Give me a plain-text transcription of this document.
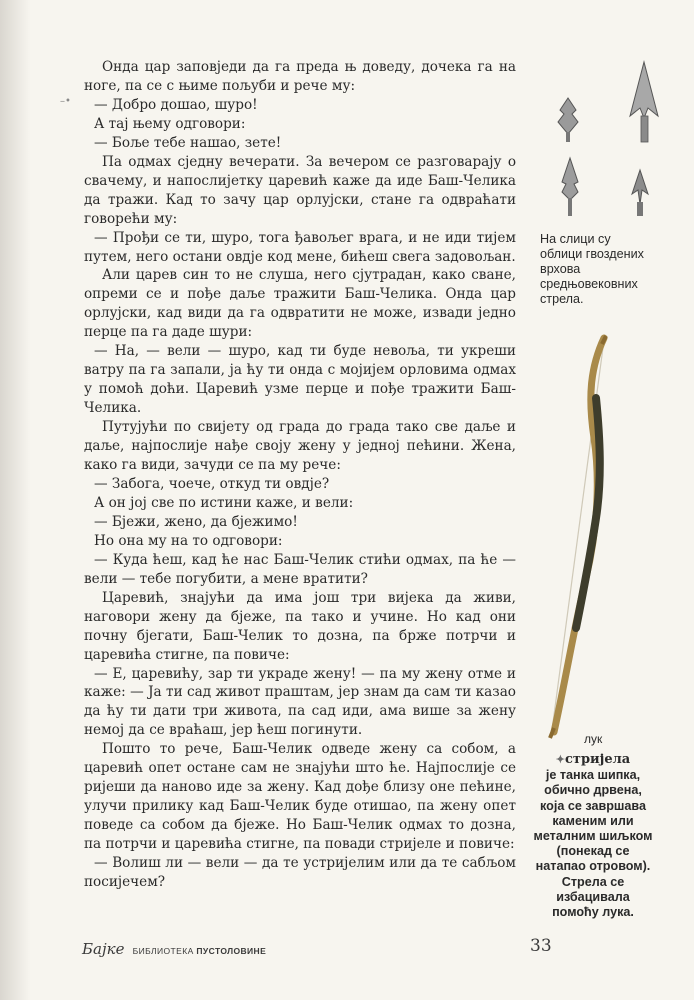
–•

Онда цар заповједи да га преда њ доведу, дочека га на ноге, па се с њиме пољуби и рече му:

— Добро дошао, шуро!

А тај њему одговори:

— Боље тебе нашао, зете!

Па одмах сједну вечерати. За вечером се разговарају о свачему, и напослијетку царевић каже да иде Баш-Челика да тражи. Кад то зачу цар орлујски, стане га одвраћати говорећи му:

— Прођи се ти, шуро, тога ђавољег врага, и не иди тијем путем, него остани овдје код мене, бићеш свега задовољан.

Али царев син то не слуша, него сјутрадан, како сване, опреми се и пође даље тражити Баш-Челика. Онда цар орлујски, кад види да га одвратити не може, извади једно перце па га даде шури:

— На, — вели — шуро, кад ти буде невоља, ти укреши ватру па га запали, ја ћу ти онда с мојијем орловима одмах у помоћ доћи. Царевић узме перце и пође тражити Баш-Челика.

Путујући по свијету од града до града тако све даље и даље, најпослије нађе своју жену у једној пећини. Жена, како га види, зачуди се па му рече:

— Забога, чоече, откуд ти овдје?

А он јој све по истини каже, и вели:

— Бјежи, жено, да бјежимо!

Но она му на то одговори:

— Куда ћеш, кад ће нас Баш-Челик стићи одмах, па ће — вели — тебе погубити, а мене вратити?

Царевић, знајући да има још три вијека да живи, наговори жену да бјеже, па тако и учине. Но кад они почну бјегати, Баш-Челик то дозна, па брже потрчи и царевића стигне, па повиче:

— Е, царевићу, зар ти украде жену! — па му жену отме и каже: — Ја ти сад живот праштам, јер знам да сам ти казао да ћу ти дати три живота, па сад иди, ама више за жену немој да се враћаш, јер ћеш погинути.

Пошто то рече, Баш-Челик одведе жену са собом, а царевић опет остане сам не знајући што ће. Најпослије се ријеши да наново иде за жену. Кад дође близу оне пећине, улучи прилику кад Баш-Челик буде отишао, па жену опет поведе са собом да бјеже. Но Баш-Челик одмах то дозна, па потрчи и царевића стигне, па повади стријеле и повиче:

— Волиш ли — вели — да те устријелим или да те сабљом посијечем?

На слици су облици гвоздених врхова средњовековних стрела.
лук
✦стријела
је танка шипка, обично дрвена, која се завршава каменим или металним шиљком (понекад се натапао отровом). Стрела се избацивала помоћу лука.
Бајке БИБЛИОТЕКА ПУСТОЛОВИНЕ	33
